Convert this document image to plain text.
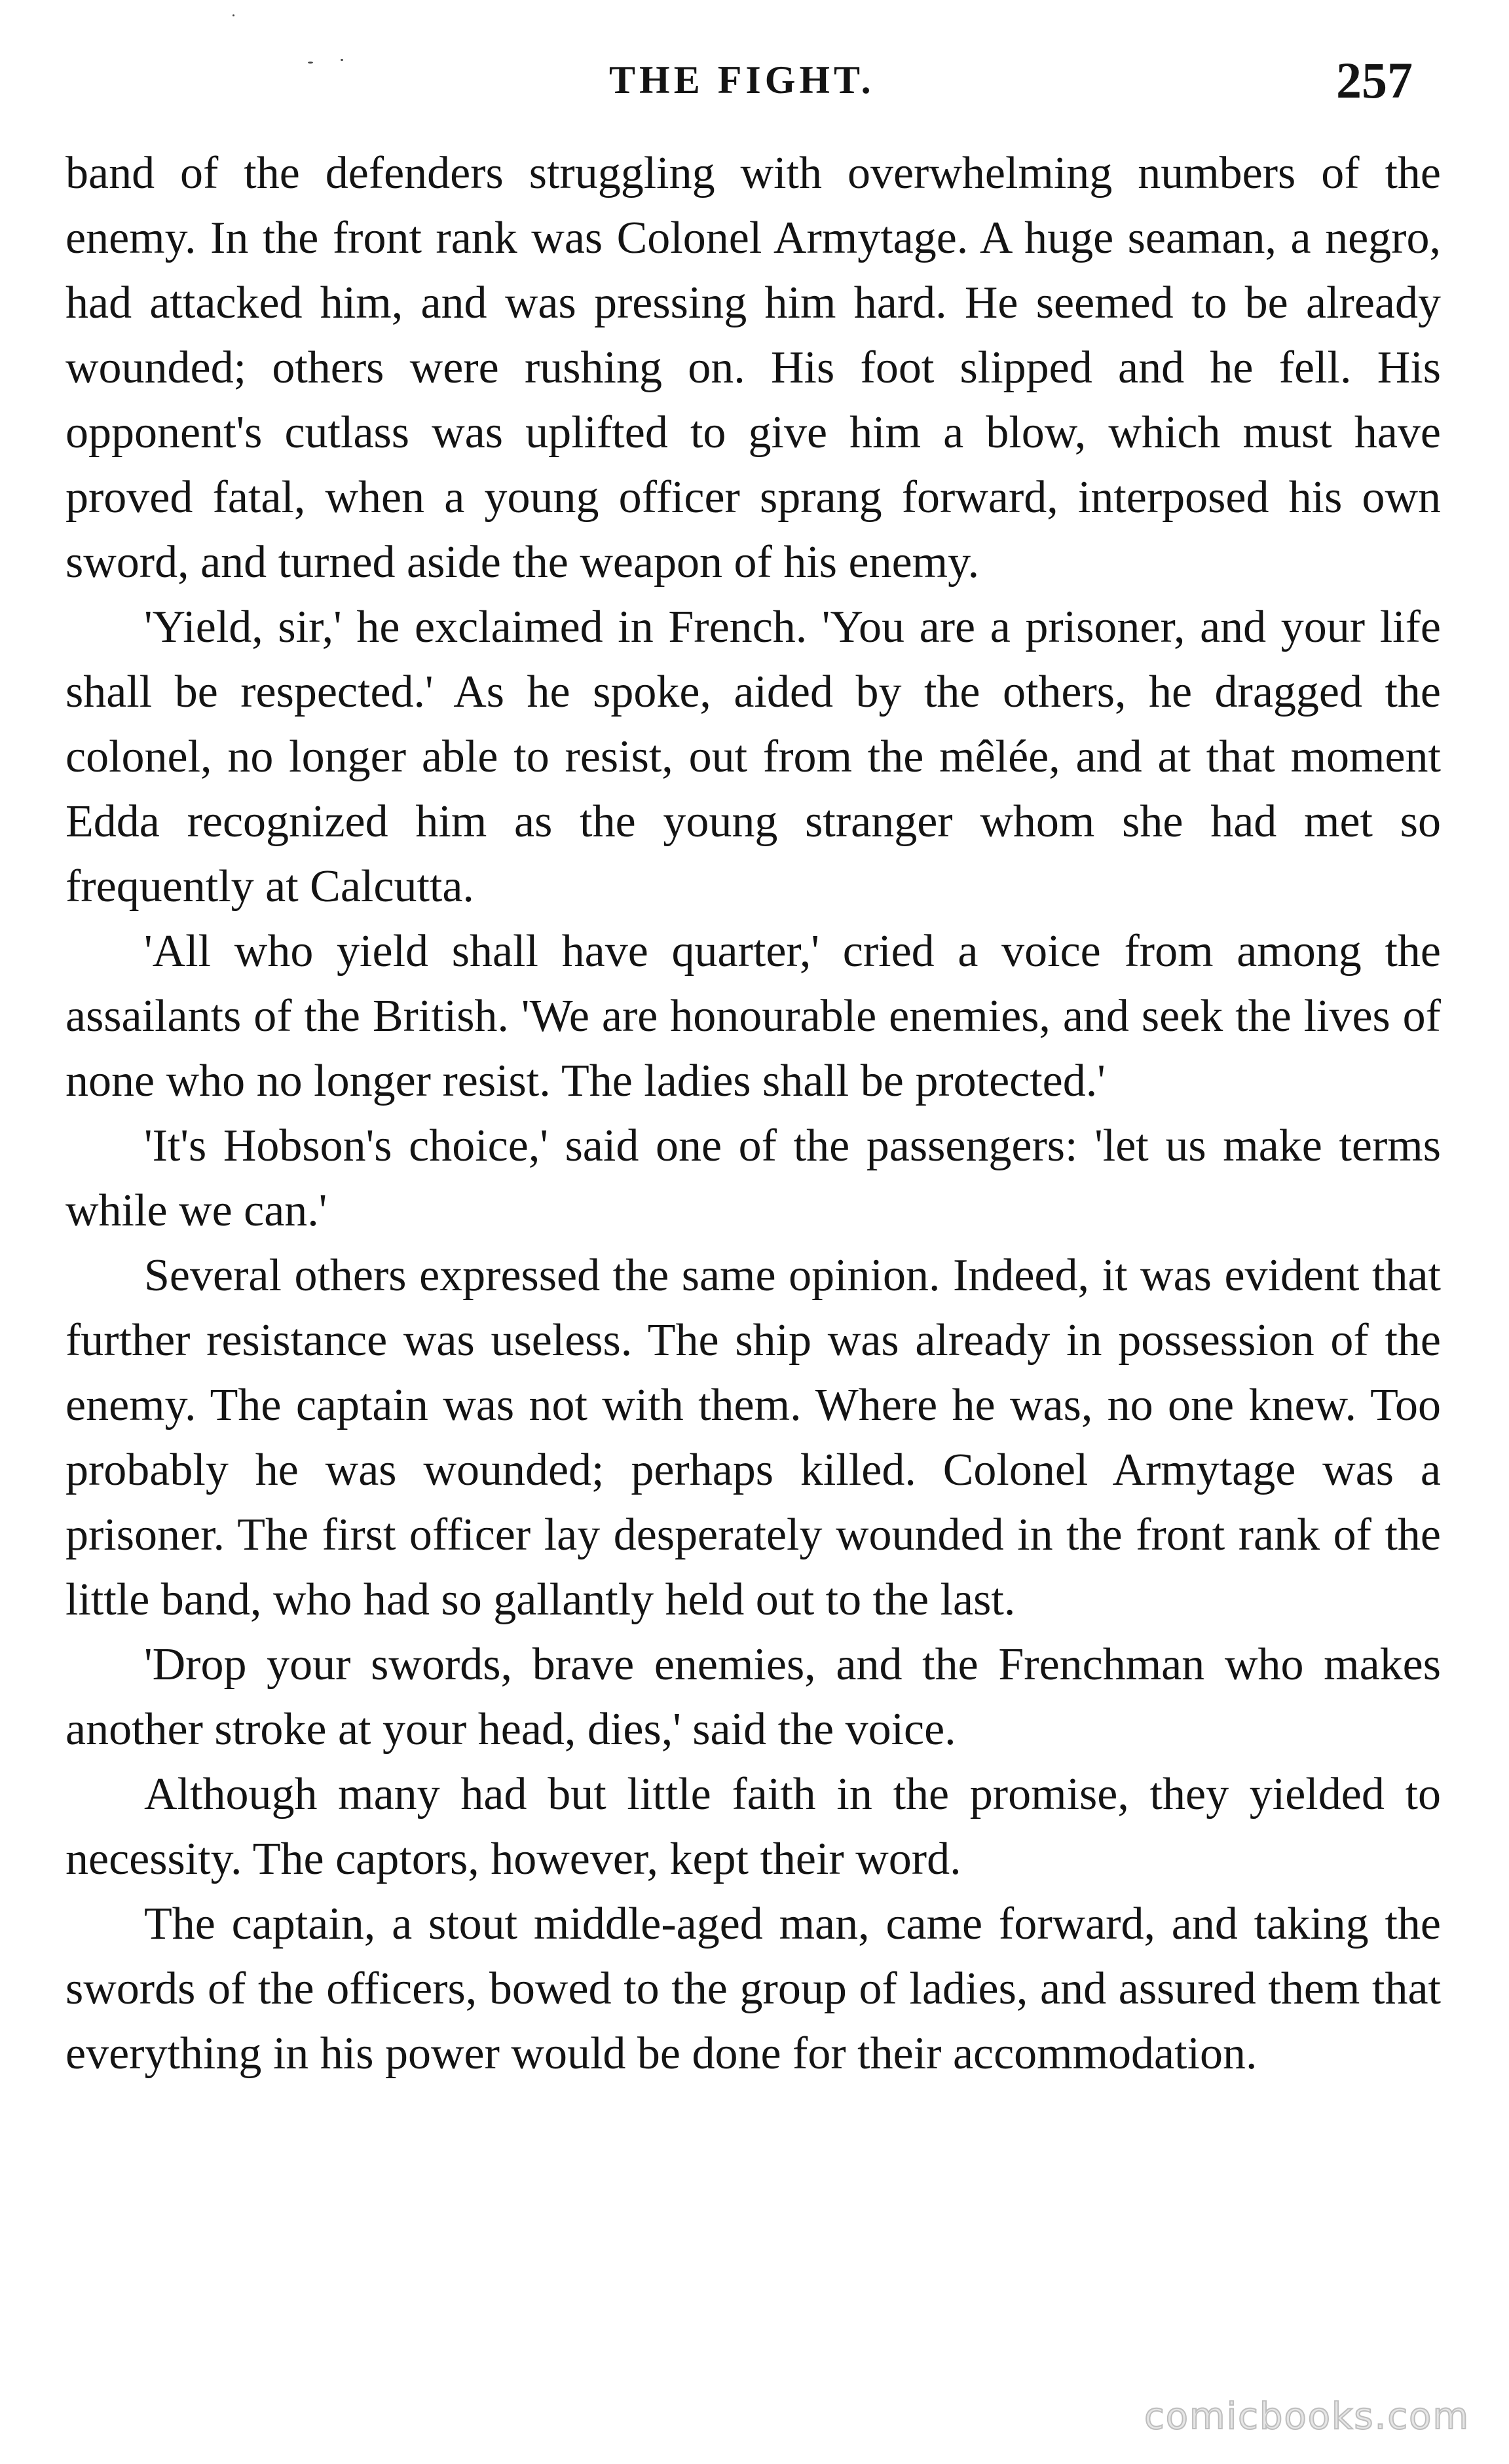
THE FIGHT.	257

band of the defenders struggling with overwhelming numbers of the enemy. In the front rank was Colonel Armytage. A huge seaman, a negro, had attacked him, and was pressing him hard. He seemed to be already wounded; others were rushing on. His foot slipped and he fell. His opponent's cutlass was uplifted to give him a blow, which must have proved fatal, when a young officer sprang forward, interposed his own sword, and turned aside the weapon of his enemy.

'Yield, sir,' he exclaimed in French. 'You are a prisoner, and your life shall be respected.' As he spoke, aided by the others, he dragged the colonel, no longer able to resist, out from the mêlée, and at that moment Edda recognized him as the young stranger whom she had met so frequently at Calcutta.

'All who yield shall have quarter,' cried a voice from among the assailants of the British. 'We are honourable enemies, and seek the lives of none who no longer resist. The ladies shall be protected.'

'It's Hobson's choice,' said one of the passengers: 'let us make terms while we can.'

Several others expressed the same opinion. Indeed, it was evident that further resistance was useless. The ship was already in possession of the enemy. The captain was not with them. Where he was, no one knew. Too probably he was wounded; perhaps killed. Colonel Armytage was a prisoner. The first officer lay desperately wounded in the front rank of the little band, who had so gallantly held out to the last.

'Drop your swords, brave enemies, and the Frenchman who makes another stroke at your head, dies,' said the voice.

Although many had but little faith in the promise, they yielded to necessity. The captors, however, kept their word.

The captain, a stout middle-aged man, came forward, and taking the swords of the officers, bowed to the group of ladies, and assured them that everything in his power would be done for their accommodation.

comicbooks.com
